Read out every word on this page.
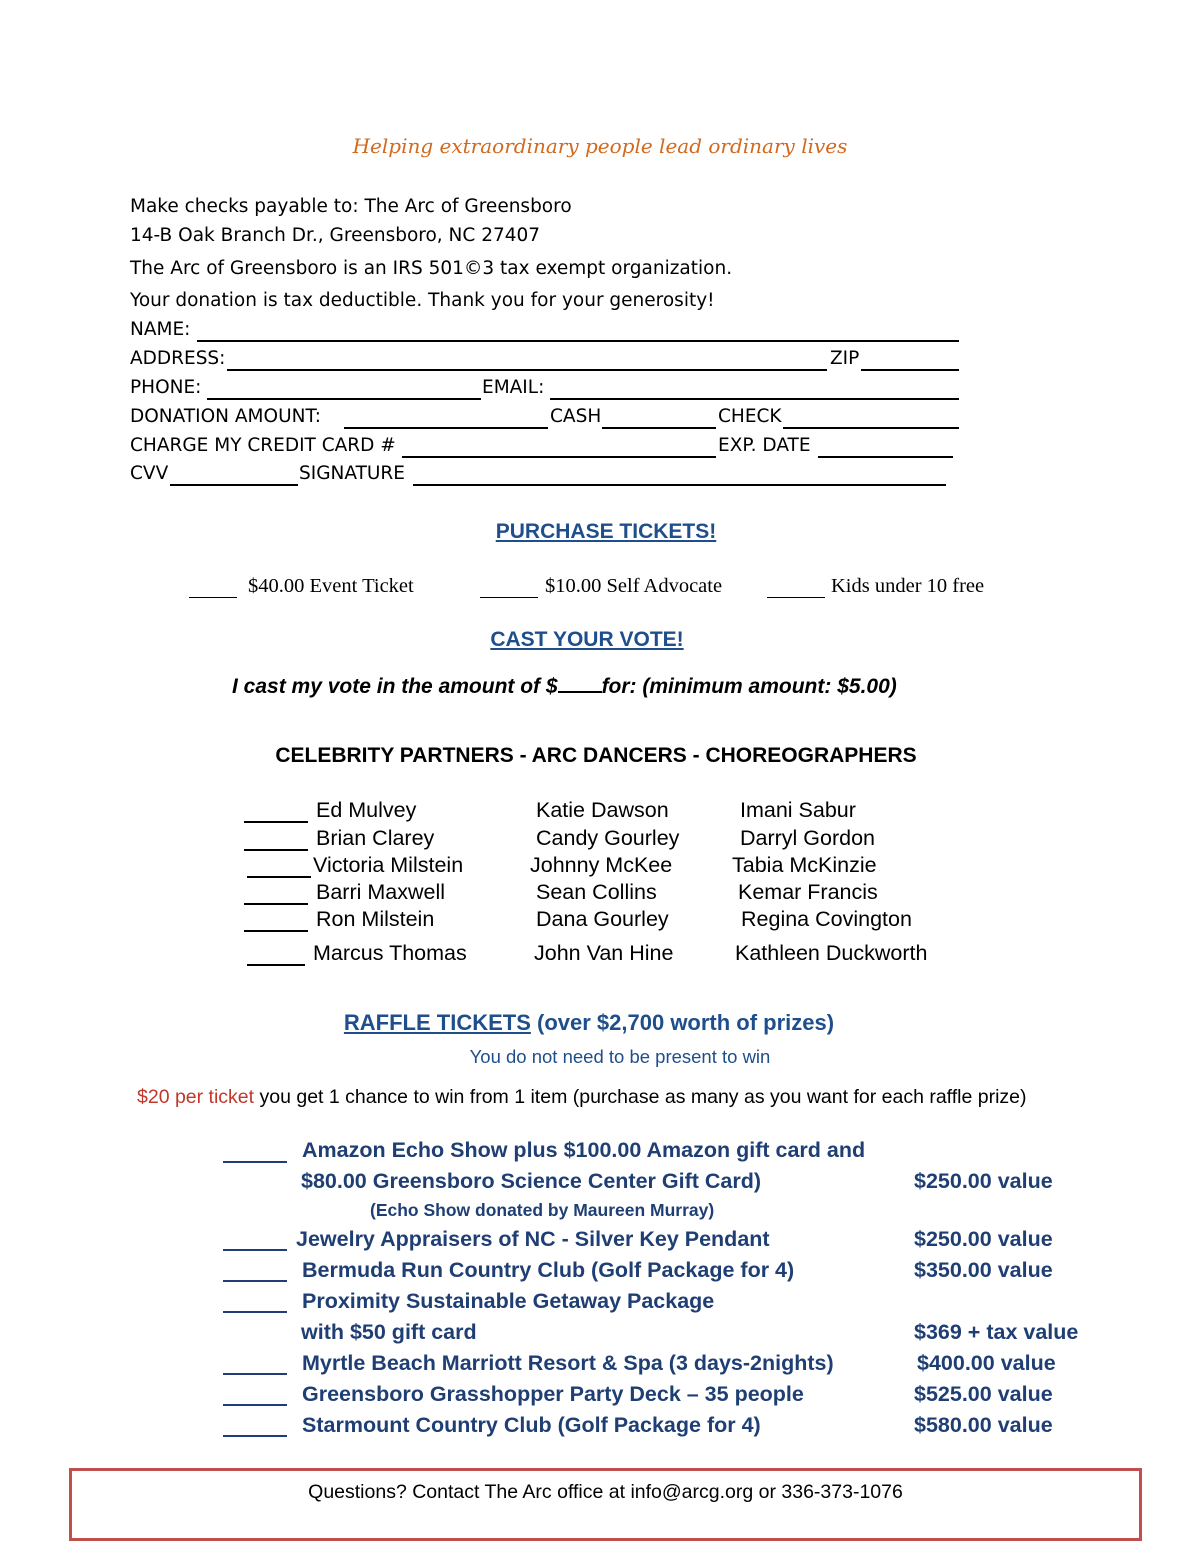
Helping extraordinary people lead ordinary lives
Make checks payable to: The Arc of Greensboro
14-B Oak Branch Dr., Greensboro, NC 27407
The Arc of Greensboro is an IRS 501©3 tax exempt organization.
Your donation is tax deductible. Thank you for your generosity!
NAME:
ADDRESS:	ZIP
PHONE:	EMAIL:
DONATION AMOUNT:	CASH	CHECK
CHARGE MY CREDIT CARD #	EXP. DATE
CVV	SIGNATURE
PURCHASE TICKETS!
$40.00 Event Ticket	$10.00 Self Advocate	Kids under 10 free
CAST YOUR VOTE!
I cast my vote in the amount of $ for: (minimum amount: $5.00)
CELEBRITY PARTNERS - ARC DANCERS - CHOREOGRAPHERS
Ed Mulvey	Katie Dawson	Imani Sabur
Brian Clarey	Candy Gourley	Darryl Gordon
Victoria Milstein	Johnny McKee	Tabia McKinzie
Barri Maxwell	Sean Collins	Kemar Francis
Ron Milstein	Dana Gourley	Regina Covington
Marcus Thomas	John Van Hine	Kathleen Duckworth
RAFFLE TICKETS (over $2,700 worth of prizes)
You do not need to be present to win
$20 per ticket you get 1 chance to win from 1 item (purchase as many as you want for each raffle prize)
Amazon Echo Show plus $100.00 Amazon gift card and
$80.00 Greensboro Science Center Gift Card)	$250.00 value
(Echo Show donated by Maureen Murray)
Jewelry Appraisers of NC - Silver Key Pendant	$250.00 value
Bermuda Run Country Club (Golf Package for 4)	$350.00 value
Proximity Sustainable Getaway Package
with $50 gift card	$369 + tax value
Myrtle Beach Marriott Resort & Spa (3 days-2nights)	$400.00 value
Greensboro Grasshopper Party Deck – 35 people	$525.00 value
Starmount Country Club (Golf Package for 4)	$580.00 value
Questions? Contact The Arc office at info@arcg.org or 336-373-1076
